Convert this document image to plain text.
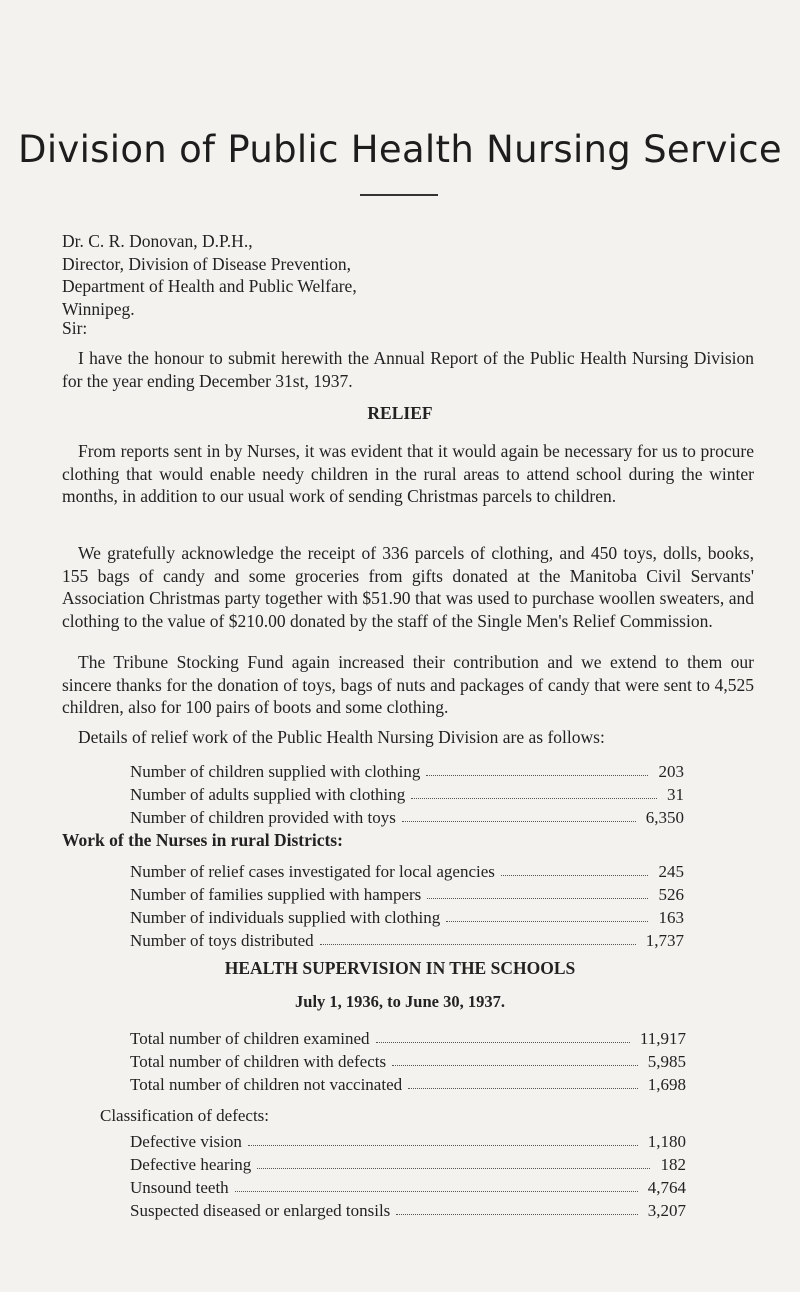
Division of Public Health Nursing Service
Dr. C. R. Donovan, D.P.H.,
Director, Division of Disease Prevention,
Department of Health and Public Welfare,
Winnipeg.
Sir:
I have the honour to submit herewith the Annual Report of the Public Health Nursing Division for the year ending December 31st, 1937.
RELIEF
From reports sent in by Nurses, it was evident that it would again be necessary for us to procure clothing that would enable needy children in the rural areas to attend school during the winter months, in addition to our usual work of sending Christmas parcels to children.
We gratefully acknowledge the receipt of 336 parcels of clothing, and 450 toys, dolls, books, 155 bags of candy and some groceries from gifts donated at the Manitoba Civil Servants' Association Christmas party together with $51.90 that was used to purchase woollen sweaters, and clothing to the value of $210.00 donated by the staff of the Single Men's Relief Commission.
The Tribune Stocking Fund again increased their contribution and we extend to them our sincere thanks for the donation of toys, bags of nuts and packages of candy that were sent to 4,525 children, also for 100 pairs of boots and some clothing.
Details of relief work of the Public Health Nursing Division are as follows:
Number of children supplied with clothing	203
Number of adults supplied with clothing	31
Number of children provided with toys	6,350
Work of the Nurses in rural Districts:
Number of relief cases investigated for local agencies	245
Number of families supplied with hampers	526
Number of individuals supplied with clothing	163
Number of toys distributed	1,737
HEALTH SUPERVISION IN THE SCHOOLS
July 1, 1936, to June 30, 1937.
Total number of children examined	11,917
Total number of children with defects	5,985
Total number of children not vaccinated	1,698
Classification of defects:
Defective vision	1,180
Defective hearing	182
Unsound teeth	4,764
Suspected diseased or enlarged tonsils	3,207
